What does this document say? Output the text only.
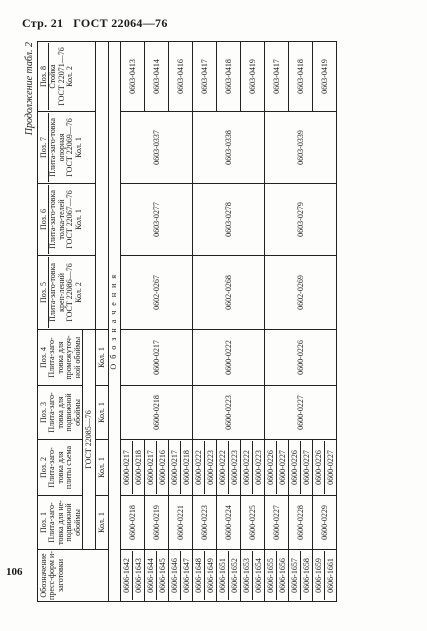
Стр. 21 ГОСТ 22064—76
106
Продолжение табл. 2
Обозначение пресс-форм и-заготовки	Поз. 1 Плита-заго-товка для не-подвижной обоймы	Поз. 2 Плита-заго-товка для плиты съема	Поз. 3 Плита-заго-товка для подвижной обоймы	Поз. 4 Плита-заго-товка для промежуточ-ной обоймы	Поз. 5 Плита-заго-товка креп-лений ГОСТ 22086—76 Кол. 2	Поз. 6 Плита-заго-товка толка-телей ГОСТ 22067—76 Кол. 1	Поз. 7 Плита-заго-товка опорная ГОСТ 22069—76 Кол. 1	Поз. 8 Стойка ГОСТ 22071—76 Кол. 2
	ГОСТ 22085—76							
	Кол. 1	Кол. 1	Кол. 1	Кол. 1				
О б о з н а ч е н и я								

0606-1642 0606-1643	0600-0218	0600-0217 0600-0218	0600-0218	0600-0217	0602-0267	0603-0277	0603-0337	0603-0413

0606-1644 0606-1645	0600-0219	0600-0217 0600-0216						0603-0414

0606-1646 0606-1647	0600-0221	0600-0217 0600-0218						0603-0416

0606-1648 0606-1649	0600-0223	0600-0222 0600-0223	0600-0223	0600-0222	0602-0268	0603-0278	0603-0338	0603-0417

0606-1651 0606-1652	0600-0224	0600-0222 0600-0223						0603-0418

0606-1653 0606-1654	0600-0225	0600-0222 0600-0223						0603-0419

0606-1655 0606-1656	0600-0227	0600-0226 0600-0227	0600-0227	0600-0226	0602-0269	0603-0279	0603-0339	0603-0417

0606-1657 0606-1658	0600-0228	0600-0226 0600-0227						0603-0418

0606-1659 0606-1661	0600-0229	0600-0226 0600-0227						0603-0419
